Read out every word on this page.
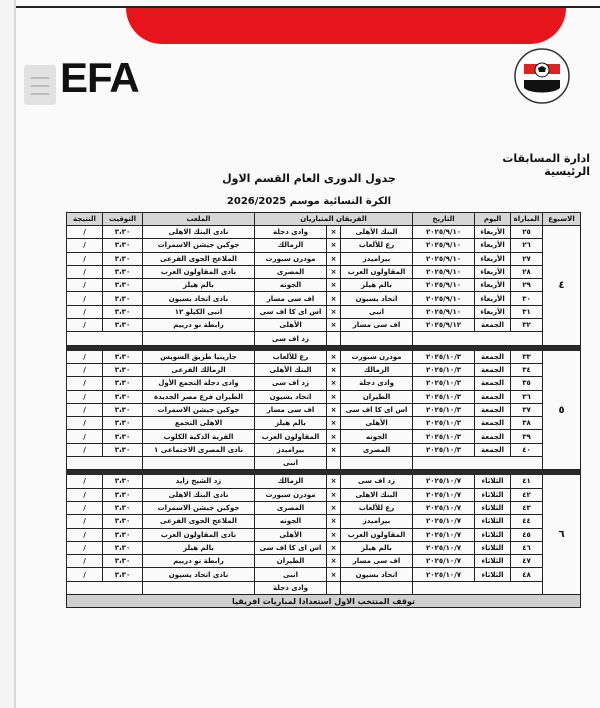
EFA
ادارة المسابقات الرئيسية
جدول الدورى العام القسم الاول
الكرة النسائية موسم 2026/2025
الاسبوع	المباراة	اليوم	التاريخ	الفريقان المتباريان			الملعب	التوقيت	النتيجة
٤	٢٥	الأربعاء	٢٠٢٥/٩/١٠	البنك الأهلى	×	وادى دجلة	نادى البنك الاهلى	٣،٣٠	/
	٢٦	الأربعاء	٢٠٢٥/٩/١٠	رع للألعاب	×	الزمالك	جوكين جيشن الاسمرات	٣،٣٠	/
	٢٧	الأربعاء	٢٠٢٥/٩/١٠	بيراميدز	×	مودرن سبورت	الملاعج الجوى الفرعى	٣،٣٠	/
	٢٨	الأربعاء	٢٠٢٥/٩/١٠	المقاولون العرب	×	المصرى	نادى المقاولون العرب	٣،٣٠	/
	٢٩	الأربعاء	٢٠٢٥/٩/١٠	بالم هيلز	×	الجونه	بالم هيلز	٣،٣٠	/
	٣٠	الأربعاء	٢٠٢٥/٩/١٠	اتحاد بسيون	×	اف سى مسار	نادى اتحاد بسيون	٣،٣٠	/
	٣١	الأربعاء	٢٠٢٥/٩/١٠	انبى	×	اس اى كا اف سى	انبى الكيلو ١٢	٣،٣٠	/
	٣٢	الجمعة	٢٠٢٥/٩/١٢	اف سى مسار	×	الأهلى	رابطة نو درييم	٣،٣٠	/
						زد اف سى			

٥	٣٣	الجمعة	٢٠٢٥/١٠/٣	مودرن سبورت	×	رع للألعاب	جارينيا طريق السويس	٣،٣٠	/
	٣٤	الجمعة	٢٠٢٥/١٠/٣	الزمالك	×	البنك الأهلى	الزمالك الفرعى	٣،٣٠	/
	٣٥	الجمعة	٢٠٢٥/١٠/٣	وادى دجلة	×	زد اف سى	وادى دجلة التجمع الأول	٣،٣٠	/
	٣٦	الجمعة	٢٠٢٥/١٠/٣	الطيران	×	اتحاد بسيون	الطيران فرع مصر الجديدة	٣،٣٠	/
	٣٧	الجمعة	٢٠٢٥/١٠/٣	اس اى كا اف سى	×	اف سى مسار	جوكين جيشن الاسمرات	٣،٣٠	/
	٣٨	الجمعة	٢٠٢٥/١٠/٣	الأهلى	×	بالم هيلز	الاهلى التجمع	٣،٣٠	/
	٣٩	الجمعة	٢٠٢٥/١٠/٣	الجونه	×	المقاولون العرب	القرية الذكية الكلوب	٣،٣٠	/
	٤٠	الجمعة	٢٠٢٥/١٠/٣	المصرى	×	بيراميدز	نادى المصرى الاجتماعى ١	٣،٣٠	/
						انبى			

٦	٤١	الثلاثاء	٢٠٢٥/١٠/٧	زد اف سى	×	الزمالك	زد الشيخ زايد	٣،٣٠	/
	٤٢	الثلاثاء	٢٠٢٥/١٠/٧	البنك الاهلى	×	مودرن سبورت	نادى البنك الاهلى	٣،٣٠	/
	٤٣	الثلاثاء	٢٠٢٥/١٠/٧	رع للألعاب	×	المصرى	جوكين جيشن الاسمرات	٣،٣٠	/
	٤٤	الثلاثاء	٢٠٢٥/١٠/٧	بيراميدز	×	الجونه	الملاعج الجوى الفرعى	٣،٣٠	/
	٤٥	الثلاثاء	٢٠٢٥/١٠/٧	المقاولون العرب	×	الأهلى	نادى المقاولون العرب	٣،٣٠	/
	٤٦	الثلاثاء	٢٠٢٥/١٠/٧	بالم هيلز	×	اس اى كا اف سى	بالم هيلز	٣،٣٠	/
	٤٧	الثلاثاء	٢٠٢٥/١٠/٧	اف سى مسار	×	الطيران	رابطة نو درييم	٣،٣٠	/
	٤٨	الثلاثاء	٢٠٢٥/١٠/٧	اتحاد بسيون	×	انبى	نادى اتحاد بسيون	٣،٣٠	/
						وادى دجلة			
توقف المنتخب الاول استعدادا لمباريات افريقيا									
